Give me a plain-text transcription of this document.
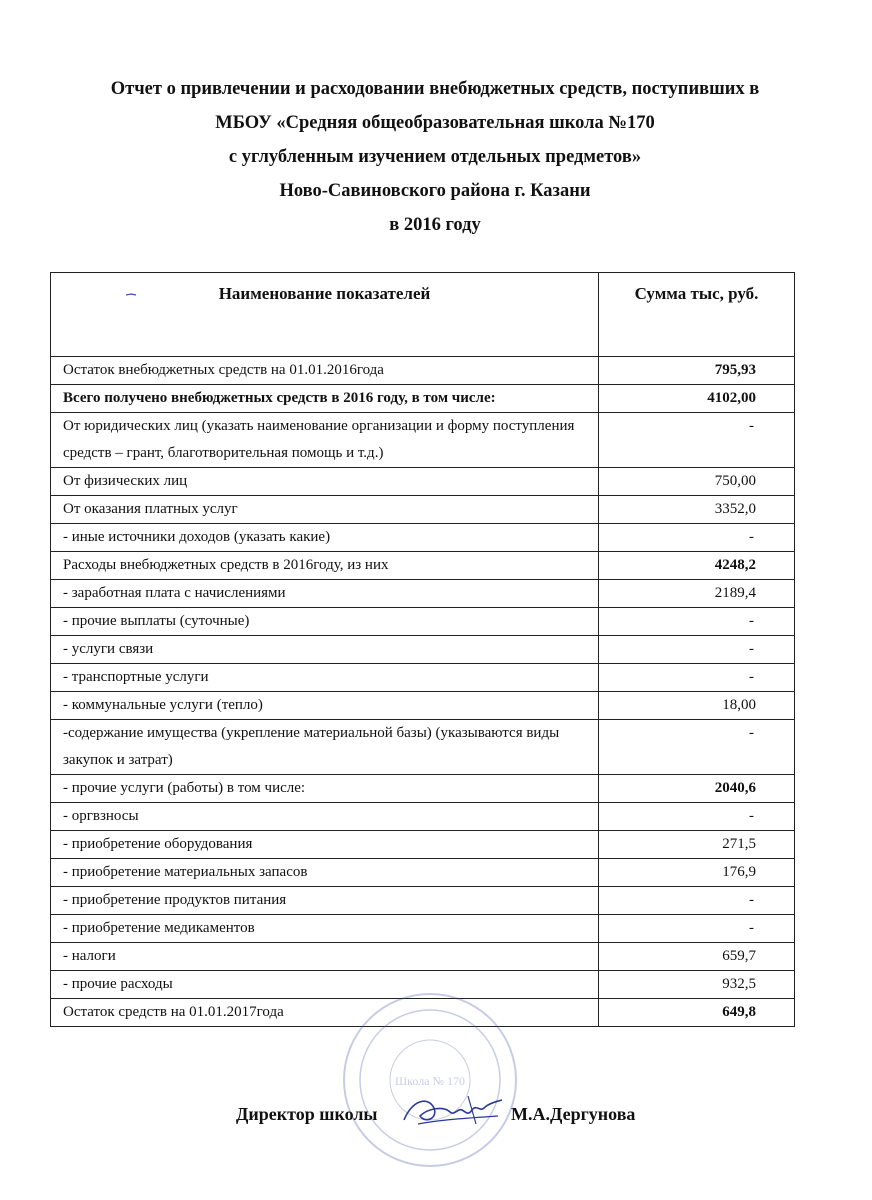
Отчет о привлечении и расходовании внебюджетных средств, поступивших в
МБОУ «Средняя общеобразовательная школа №170
с углубленным изучением отдельных предметов»
Ново-Савиновского района г. Казани
в 2016 году
Наименование показателей	Сумма тыс, руб.
Остаток внебюджетных средств на 01.01.2016года	795,93
Всего получено внебюджетных средств в 2016 году, в том числе:	4102,00
От юридических лиц (указать наименование организации и форму поступления средств – грант, благотворительная помощь и т.д.)	-
От физических лиц	750,00
От оказания платных услуг	3352,0
- иные источники доходов (указать какие)	-
Расходы внебюджетных средств в 2016году, из них	4248,2
- заработная плата с начислениями	2189,4
- прочие выплаты (суточные)	-
- услуги связи	-
- транспортные услуги	-
- коммунальные услуги (тепло)	18,00
-содержание имущества (укрепление материальной базы) (указываются виды закупок и затрат)	-
- прочие услуги (работы) в том числе:	2040,6
- оргвзносы	-
- приобретение оборудования	271,5
- приобретение материальных запасов	176,9
- приобретение продуктов питания	-
- приобретение медикаментов	-
- налоги	659,7
- прочие расходы	932,5
Остаток средств на 01.01.2017года	649,8
Школа № 170
Директор школы	М.А.Дергунова
